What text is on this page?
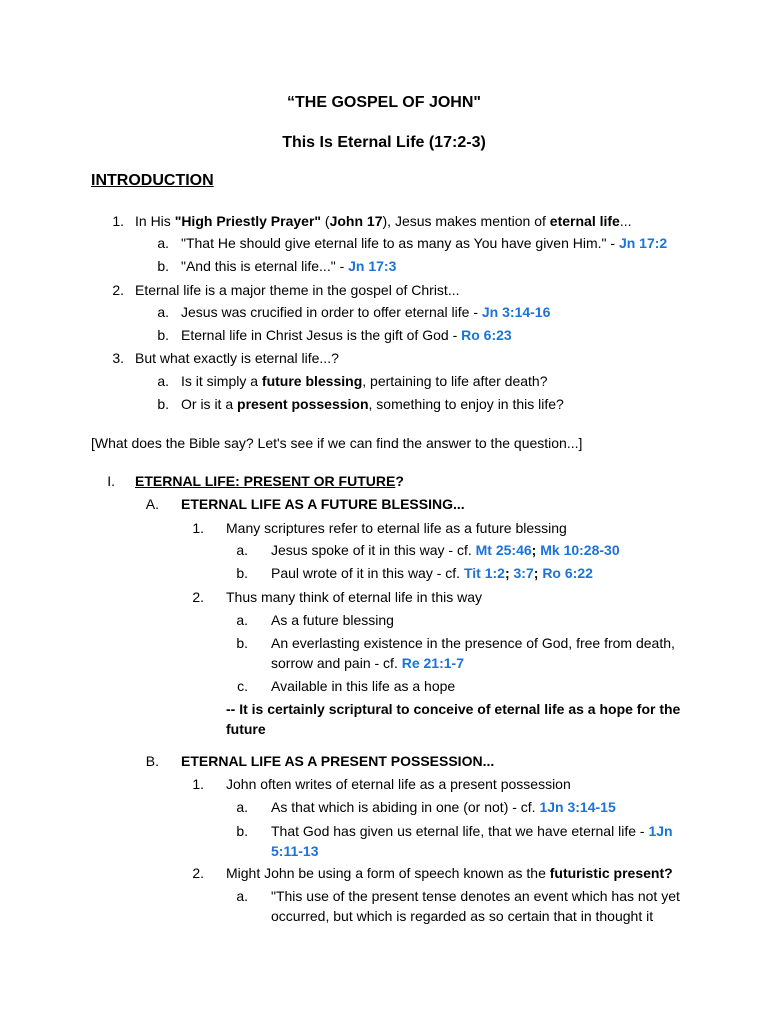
“THE GOSPEL OF JOHN"
This Is Eternal Life (17:2-3)
INTRODUCTION
1. In His "High Priestly Prayer" (John 17), Jesus makes mention of eternal life...
a. "That He should give eternal life to as many as You have given Him." - Jn 17:2
b. "And this is eternal life..." - Jn 17:3
2. Eternal life is a major theme in the gospel of Christ...
a. Jesus was crucified in order to offer eternal life - Jn 3:14-16
b. Eternal life in Christ Jesus is the gift of God - Ro 6:23
3. But what exactly is eternal life...?
a. Is it simply a future blessing, pertaining to life after death?
b. Or is it a present possession, something to enjoy in this life?
[What does the Bible say? Let's see if we can find the answer to the question...]
I. ETERNAL LIFE: PRESENT OR FUTURE?
A. ETERNAL LIFE AS A FUTURE BLESSING...
1. Many scriptures refer to eternal life as a future blessing
a. Jesus spoke of it in this way - cf. Mt 25:46; Mk 10:28-30
b. Paul wrote of it in this way - cf. Tit 1:2; 3:7; Ro 6:22
2. Thus many think of eternal life in this way
a. As a future blessing
b. An everlasting existence in the presence of God, free from death,
sorrow and pain - cf. Re 21:1-7
c. Available in this life as a hope
-- It is certainly scriptural to conceive of eternal life as a hope for the
future
B. ETERNAL LIFE AS A PRESENT POSSESSION...
1. John often writes of eternal life as a present possession
a. As that which is abiding in one (or not) - cf. 1Jn 3:14-15
b. That God has given us eternal life, that we have eternal life - 1Jn
5:11-13
2. Might John be using a form of speech known as the futuristic present?
a. "This use of the present tense denotes an event which has not yet
occurred, but which is regarded as so certain that in thought it
